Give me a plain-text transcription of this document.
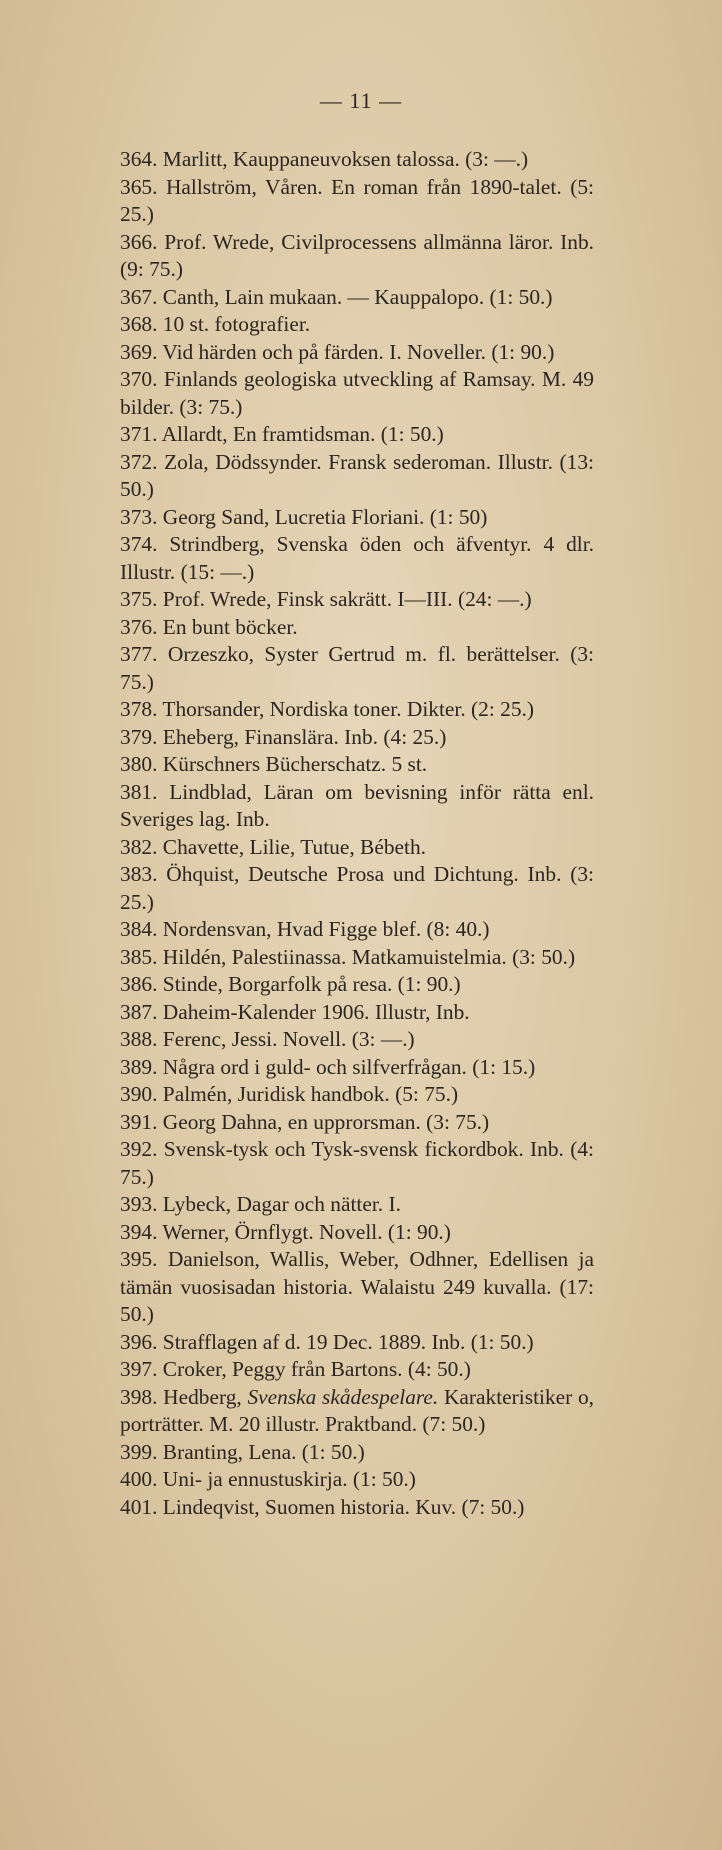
— 11 —
364. Marlitt, Kauppaneuvoksen talossa. (3: —.)
365. Hallström, Våren. En roman från 1890-talet. (5: 25.)
366. Prof. Wrede, Civilprocessens allmänna läror. Inb. (9: 75.)
367. Canth, Lain mukaan. — Kauppalopo. (1: 50.)
368. 10 st. fotografier.
369. Vid härden och på färden. I. Noveller. (1: 90.)
370. Finlands geologiska utveckling af Ramsay. M. 49 bilder. (3: 75.)
371. Allardt, En framtidsman. (1: 50.)
372. Zola, Dödssynder. Fransk sederoman. Illustr. (13: 50.)
373. Georg Sand, Lucretia Floriani. (1: 50)
374. Strindberg, Svenska öden och äfventyr. 4 dlr. Illustr. (15: —.)
375. Prof. Wrede, Finsk sakrätt. I—III. (24: —.)
376. En bunt böcker.
377. Orzeszko, Syster Gertrud m. fl. berättelser. (3: 75.)
378. Thorsander, Nordiska toner. Dikter. (2: 25.)
379. Eheberg, Finanslära. Inb. (4: 25.)
380. Kürschners Bücherschatz. 5 st.
381. Lindblad, Läran om bevisning inför rätta enl. Sveriges lag. Inb.
382. Chavette, Lilie, Tutue, Bébeth.
383. Öhquist, Deutsche Prosa und Dichtung. Inb. (3: 25.)
384. Nordensvan, Hvad Figge blef. (8: 40.)
385. Hildén, Palestiinassa. Matkamuistelmia. (3: 50.)
386. Stinde, Borgarfolk på resa. (1: 90.)
387. Daheim-Kalender 1906. Illustr, Inb.
388. Ferenc, Jessi. Novell. (3: —.)
389. Några ord i guld- och silfverfrågan. (1: 15.)
390. Palmén, Juridisk handbok. (5: 75.)
391. Georg Dahna, en upprorsman. (3: 75.)
392. Svensk-tysk och Tysk-svensk fickordbok. Inb. (4: 75.)
393. Lybeck, Dagar och nätter. I.
394. Werner, Örnflygt. Novell. (1: 90.)
395. Danielson, Wallis, Weber, Odhner, Edellisen ja tämän vuosisadan historia. Walaistu 249 kuvalla. (17: 50.)
396. Strafflagen af d. 19 Dec. 1889. Inb. (1: 50.)
397. Croker, Peggy från Bartons. (4: 50.)
398. Hedberg, Svenska skådespelare. Karakteristiker o, porträtter. M. 20 illustr. Praktband. (7: 50.)
399. Branting, Lena. (1: 50.)
400. Uni- ja ennustuskirja. (1: 50.)
401. Lindeqvist, Suomen historia. Kuv. (7: 50.)
